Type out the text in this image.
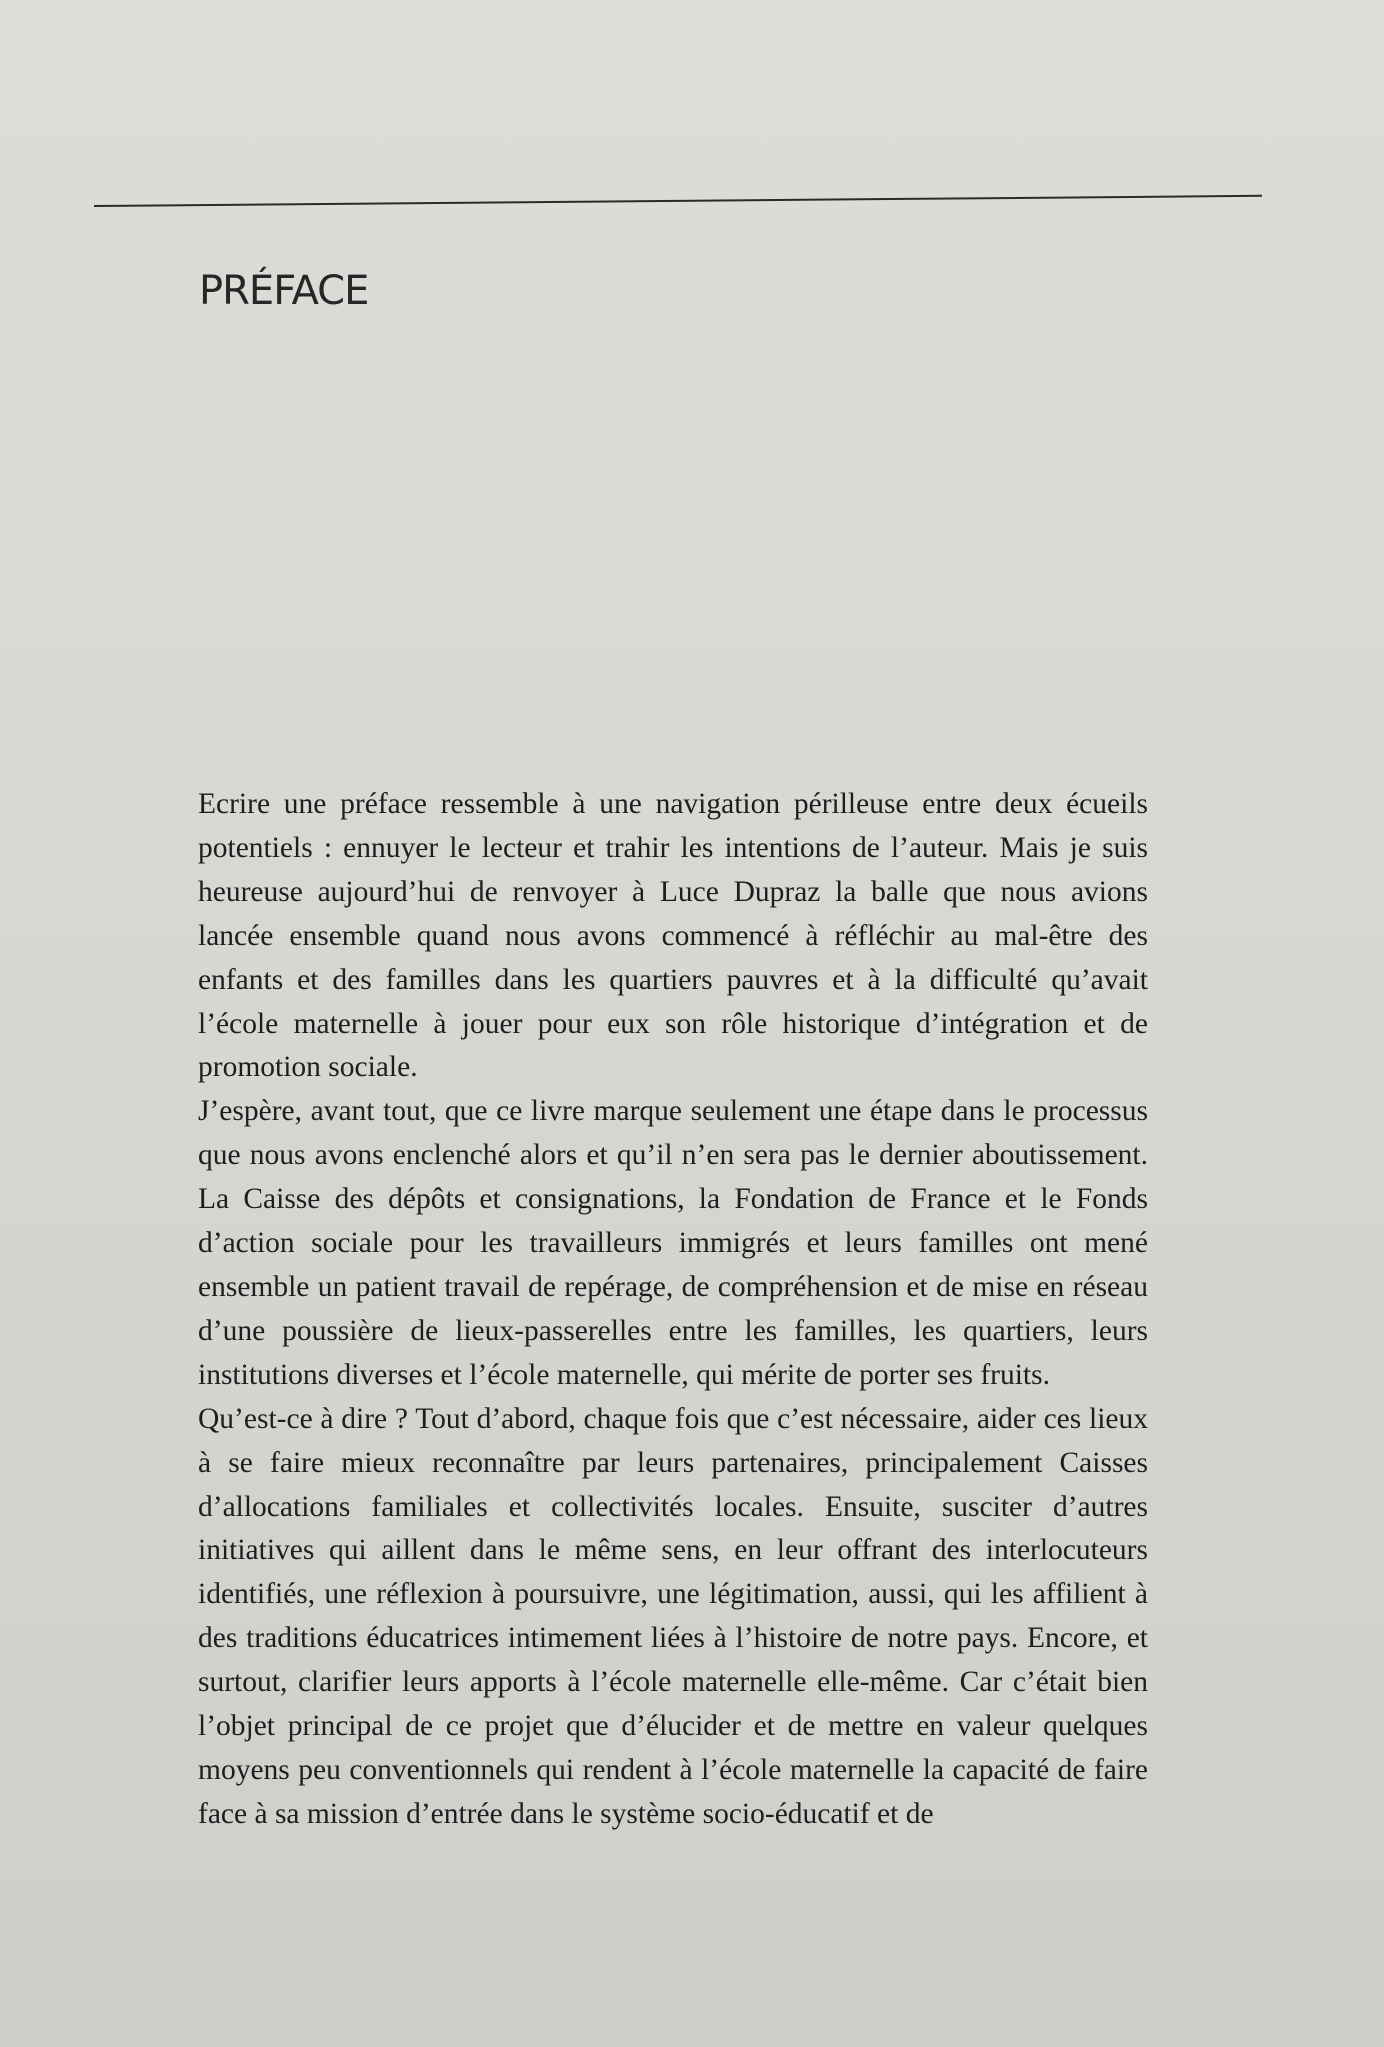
PRÉFACE

Ecrire une préface ressemble à une navigation périlleuse entre deux écueils potentiels : ennuyer le lecteur et trahir les intentions de l’auteur. Mais je suis heureuse aujourd’hui de renvoyer à Luce Dupraz la balle que nous avions lancée ensemble quand nous avons commencé à réfléchir au mal-être des enfants et des familles dans les quartiers pauvres et à la difficulté qu’avait l’école maternelle à jouer pour eux son rôle historique d’intégration et de promotion sociale.

J’espère, avant tout, que ce livre marque seulement une étape dans le processus que nous avons enclenché alors et qu’il n’en sera pas le dernier aboutissement. La Caisse des dépôts et consignations, la Fondation de France et le Fonds d’action sociale pour les travailleurs immigrés et leurs familles ont mené ensemble un patient travail de repérage, de compréhension et de mise en réseau d’une poussière de lieux-passerelles entre les familles, les quartiers, leurs institutions diverses et l’école maternelle, qui mérite de porter ses fruits.

Qu’est-ce à dire ? Tout d’abord, chaque fois que c’est nécessaire, aider ces lieux à se faire mieux reconnaître par leurs partenaires, principalement Caisses d’allocations familiales et collectivités locales. Ensuite, susciter d’autres initiatives qui aillent dans le même sens, en leur offrant des interlocuteurs identifiés, une réflexion à poursuivre, une légitimation, aussi, qui les affilient à des traditions éducatrices intimement liées à l’histoire de notre pays. Encore, et surtout, clarifier leurs apports à l’école maternelle elle-même. Car c’était bien l’objet principal de ce projet que d’élucider et de mettre en valeur quelques moyens peu conventionnels qui rendent à l’école maternelle la capacité de faire face à sa mission d’entrée dans le système socio-éducatif et de
